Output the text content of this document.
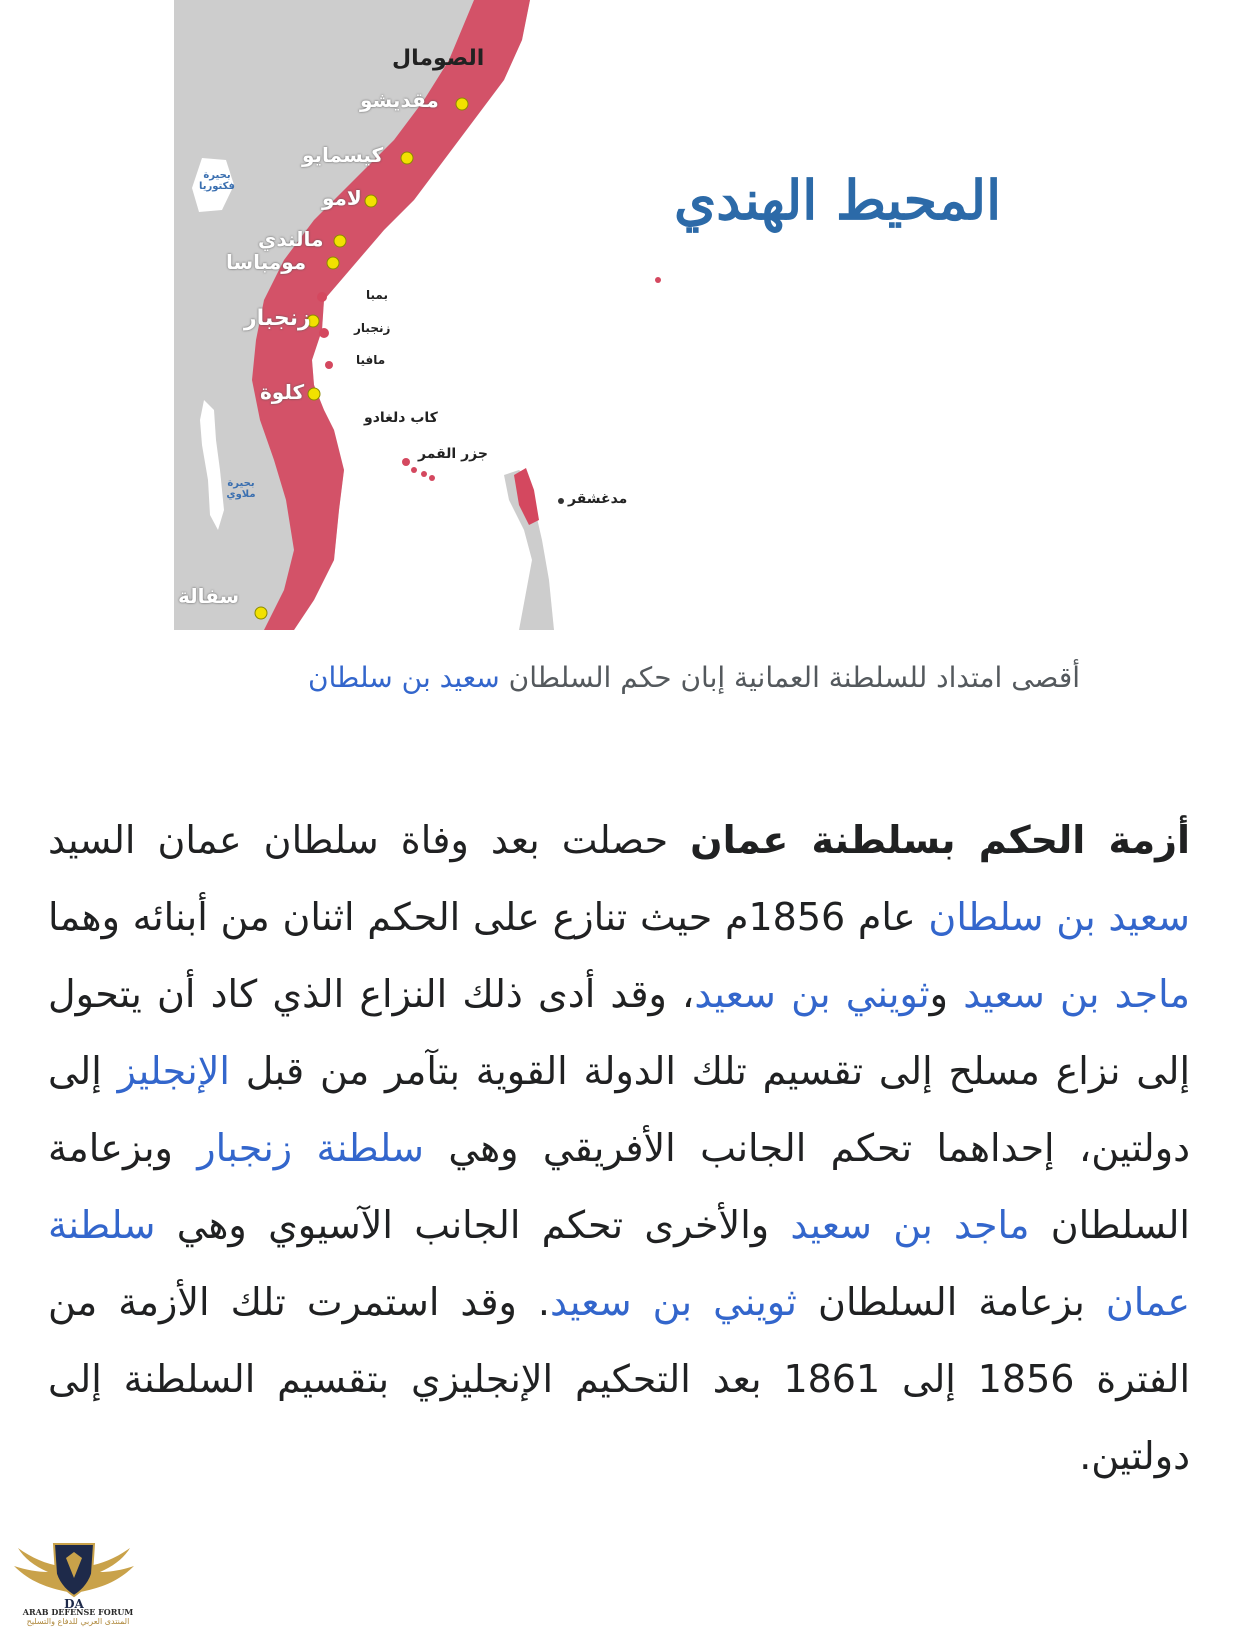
الصومال
مقديشو
كيسمايو
لامو
مالندي
مومباسا
بمبا
زنجبار	زنجبار
مافيا
كلوة
كاب دلغادو
جزر القمر
مدغشقر
سفالة
بحيرة فكتوريا
بحيرة ملاوي
المحيط الهندي
أقصى امتداد للسلطنة العمانية إبان حكم السلطان سعيد بن سلطان
أزمة الحكم بسلطنة عمان حصلت بعد وفاة سلطان عمان السيد سعيد بن سلطان عام 1856م حيث تنازع على الحكم اثنان من أبنائه وهما ماجد بن سعيد وثويني بن سعيد، وقد أدى ذلك النزاع الذي كاد أن يتحول إلى نزاع مسلح إلى تقسيم تلك الدولة القوية بتآمر من قبل الإنجليز إلى دولتين، إحداهما تحكم الجانب الأفريقي وهي سلطنة زنجبار وبزعامة السلطان ماجد بن سعيد والأخرى تحكم الجانب الآسيوي وهي سلطنة عمان بزعامة السلطان ثويني بن سعيد. وقد استمرت تلك الأزمة من الفترة 1856 إلى 1861 بعد التحكيم الإنجليزي بتقسيم السلطنة إلى دولتين.
DA
ARAB DEFENSE FORUM
المنتدى العربي للدفاع والتسليح
